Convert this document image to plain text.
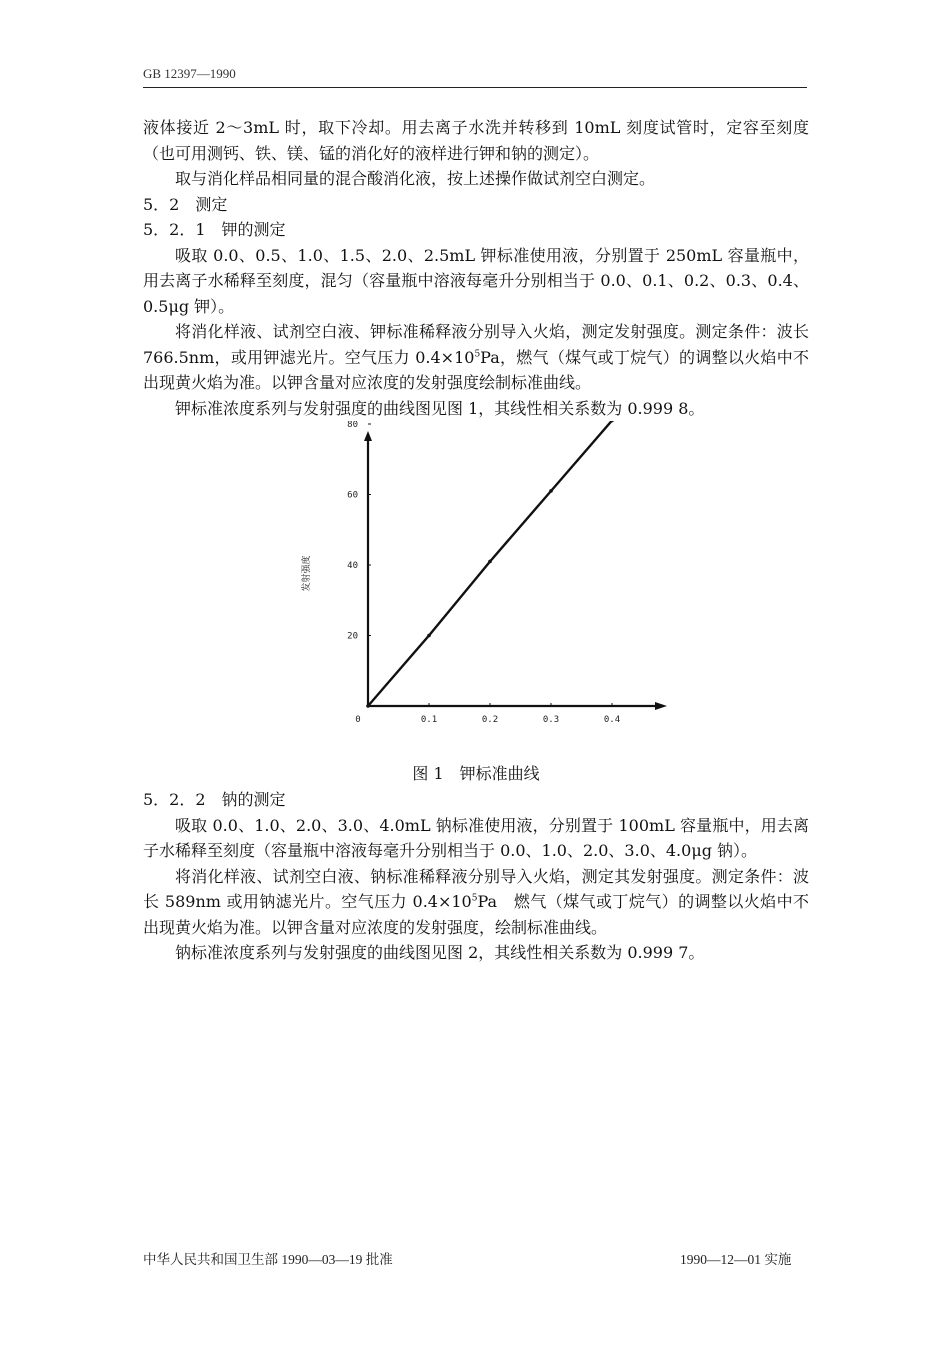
GB 12397—1990

液体接近 2～3mL 时，取下冷却。用去离子水洗并转移到 10mL 刻度试管时，定容至刻度（也可用测钙、铁、镁、锰的消化好的液样进行钾和钠的测定）。

取与消化样品相同量的混合酸消化液，按上述操作做试剂空白测定。

5．2　测定

5．2．1　钾的测定

吸取 0.0、0.5、1.0、1.5、2.0、2.5mL 钾标准使用液，分别置于 250mL 容量瓶中，用去离子水稀释至刻度，混匀（容量瓶中溶液每毫升分别相当于 0.0、0.1、0.2、0.3、0.4、0.5μg 钾）。

将消化样液、试剂空白液、钾标准稀释液分别导入火焰，测定发射强度。测定条件：波长 766.5nm，或用钾滤光片。空气压力 $0.4\times 10^5Pa$，燃气（煤气或丁烷气）的调整以火焰中不出现黄火焰为准。以钾含量对应浓度的发射强度绘制标准曲线。

钾标准浓度系列与发射强度的曲线图见图 1，其线性相关系数为 0.999 8。

0	0.1	0.2	0.3	0.4
20
40
60
80
发射强度

图 1　钾标准曲线

5．2．2　钠的测定

吸取 0.0、1.0、2.0、3.0、4.0mL 钠标准使用液，分别置于 100mL 容量瓶中，用去离子水稀释至刻度（容量瓶中溶液每毫升分别相当于 0.0、1.0、2.0、3.0、4.0μg 钠）。

将消化样液、试剂空白液、钠标准稀释液分别导入火焰，测定其发射强度。测定条件：波长 589nm 或用钠滤光片。空气压力 $0.4\times 10^5Pa$　燃气（煤气或丁烷气）的调整以火焰中不出现黄火焰为准。以钾含量对应浓度的发射强度，绘制标准曲线。

钠标准浓度系列与发射强度的曲线图见图 2，其线性相关系数为 0.999 7。

中华人民共和国卫生部 1990—03—19 批准	1990—12—01 实施
